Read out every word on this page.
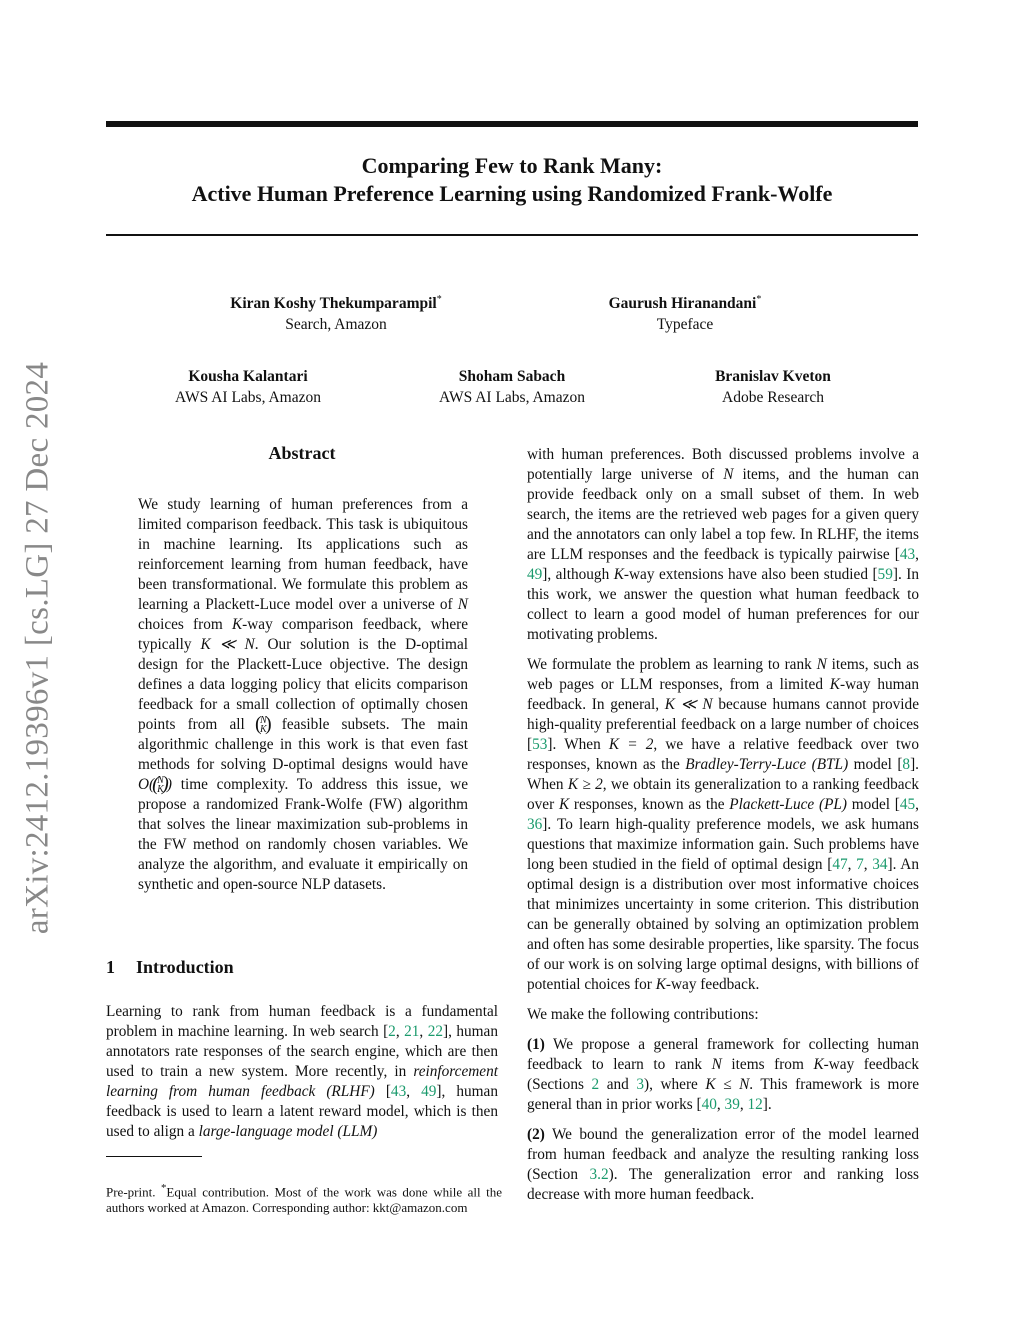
Comparing Few to Rank Many:
Active Human Preference Learning using Randomized Frank-Wolfe
Kiran Koshy Thekumparampil*
Search, Amazon
Gaurush Hiranandani*
Typeface
Kousha Kalantari
AWS AI Labs, Amazon
Shoham Sabach
AWS AI Labs, Amazon
Branislav Kveton
Adobe Research
arXiv:2412.19396v1 [cs.LG] 27 Dec 2024	Abstract
We study learning of human preferences from a limited comparison feedback. This task is ubiquitous in machine learning. Its applications such as reinforcement learning from human feedback, have been transformational. We formulate this problem as learning a Plackett-Luce model over a universe of N choices from K-way comparison feedback, where typically K ≪ N. Our solution is the D-optimal design for the Plackett-Luce objective. The design defines a data logging policy that elicits comparison feedback for a small collection of optimally chosen points from all ( N
K
) feasible subsets. The main algorithmic challenge in this work is that even fast methods for solving D-optimal designs would have O( ( N
K
) ) time complexity. To address this issue, we propose a randomized Frank-Wolfe (FW) algorithm that solves the linear maximization sub-problems in the FW method on randomly chosen variables. We analyze the algorithm, and evaluate it empirically on synthetic and open-source NLP datasets.
1 Introduction

Learning to rank from human feedback is a fundamental problem in machine learning. In web search [2, 21, 22], human annotators rate responses of the search engine, which are then used to train a new system. More recently, in reinforcement learning from human feedback (RLHF) [43, 49], human feedback is used to learn a latent reward model, which is then used to align a large-language model (LLM)

Pre-print. *Equal contribution. Most of the work was done while all the authors worked at Amazon. Corresponding author: kkt@amazon.com

with human preferences. Both discussed problems involve a potentially large universe of N items, and the human can provide feedback only on a small subset of them. In web search, the items are the retrieved web pages for a given query and the annotators can only label a top few. In RLHF, the items are LLM responses and the feedback is typically pairwise [43, 49], although K-way extensions have also been studied [59]. In this work, we answer the question what human feedback to collect to learn a good model of human preferences for our motivating problems.

We formulate the problem as learning to rank N items, such as web pages or LLM responses, from a limited K-way human feedback. In general, K ≪ N because humans cannot provide high-quality preferential feedback on a large number of choices [53]. When K = 2, we have a relative feedback over two responses, known as the Bradley-Terry-Luce (BTL) model [8]. When K ≥ 2, we obtain its generalization to a ranking feedback over K responses, known as the Plackett-Luce (PL) model [45, 36]. To learn high-quality preference models, we ask humans questions that maximize information gain. Such problems have long been studied in the field of optimal design [47, 7, 34]. An optimal design is a distribution over most informative choices that minimizes uncertainty in some criterion. This distribution can be generally obtained by solving an optimization problem and often has some desirable properties, like sparsity. The focus of our work is on solving large optimal designs, with billions of potential choices for K-way feedback.

We make the following contributions:

(1) We propose a general framework for collecting human feedback to learn to rank N items from K-way feedback (Sections 2 and 3), where K ≤ N. This framework is more general than in prior works [40, 39, 12].

(2) We bound the generalization error of the model learned from human feedback and analyze the resulting ranking loss (Section 3.2). The generalization error and ranking loss decrease with more human feedback.
